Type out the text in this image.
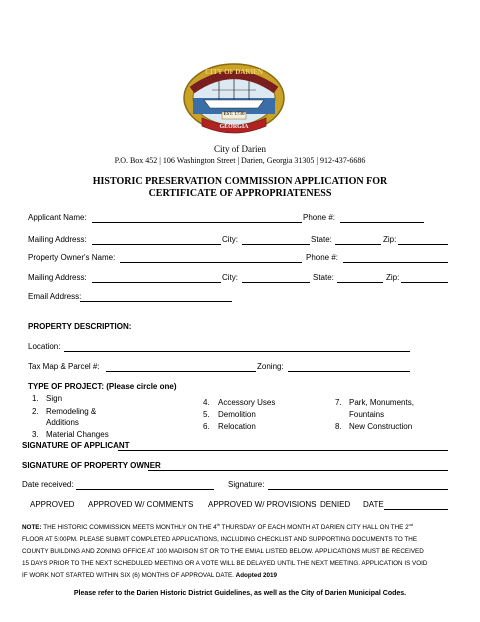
CITY OF DARIEN
EST. 1736
GEORGIA
City of Darien
P.O. Box 452 | 106 Washington Street | Darien, Georgia 31305 | 912-437-6686
HISTORIC PRESERVATION COMMISSION APPLICATION FOR
CERTIFICATE OF APPROPRIATENESS
Applicant Name:	Phone #:
Mailing Address:	City:	State:	Zip:
Property Owner's Name:	Phone #:
Mailing Address:	City:	State:	Zip:
Email Address:
PROPERTY DESCRIPTION:
Location:
Tax Map & Parcel #:	Zoning:
TYPE OF PROJECT: (Please circle one)
1. Sign
2. Remodeling &
Additions
3. Material Changes
4. Accessory Uses
5. Demolition
6. Relocation
7. Park, Monuments,
Fountains
8. New Construction
SIGNATURE OF APPLICANT
SIGNATURE OF PROPERTY OWNER
Date received:	Signature:
APPROVED APPROVED W/ COMMENTS APPROVED W/ PROVISIONS DENIED DATE
NOTE: THE HISTORIC COMMISSION MEETS MONTHLY ON THE 4th THURSDAY OF EACH MONTH AT DARIEN CITY HALL ON THE 2nd
FLOOR AT 5:00PM. PLEASE SUBMIT COMPLETED APPLICATIONS, INCLUDING CHECKLIST AND SUPPORTING DOCUMENTS TO THE
COUNTY BUILDING AND ZONING OFFICE AT 100 MADISON ST OR TO THE EMIAL LISTED BELOW. APPLICATIONS MUST BE RECEIVED
15 DAYS PRIOR TO THE NEXT SCHEDULED MEETING OR A VOTE WILL BE DELAYED UNTIL THE NEXT MEETING. APPLICATION IS VOID
IF WORK NOT STARTED WITHIN SIX (6) MONTHS OF APPROVAL DATE. Adopted 2019
Please refer to the Darien Historic District Guidelines, as well as the City of Darien Municipal Codes.
